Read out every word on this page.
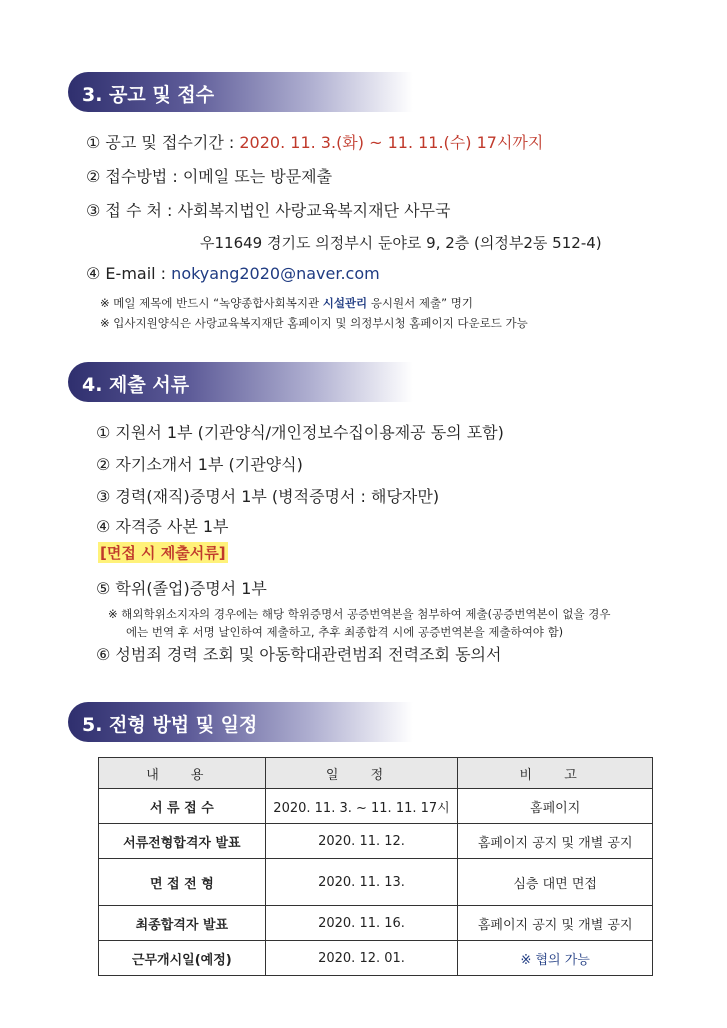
3. 공고 및 접수
① 공고 및 접수기간 : 2020. 11. 3.(화) ~ 11. 11.(수) 17시까지
② 접수방법 : 이메일 또는 방문제출
③ 접 수 처 : 사회복지법인 사랑교육복지재단 사무국
우11649 경기도 의정부시 둔야로 9, 2층 (의정부2동 512-4)
④ E-mail : nokyang2020@naver.com
※ 메일 제목에 반드시 “녹양종합사회복지관 시설관리 응시원서 제출” 명기
※ 입사지원양식은 사랑교육복지재단 홈페이지 및 의정부시청 홈페이지 다운로드 가능
4. 제출 서류
① 지원서 1부 (기관양식/개인정보수집이용제공 동의 포함)
② 자기소개서 1부 (기관양식)
③ 경력(재직)증명서 1부 (병적증명서 : 해당자만)
④ 자격증 사본 1부
[면접 시 제출서류]
⑤ 학위(졸업)증명서 1부
※ 해외학위소지자의 경우에는 해당 학위증명서 공증번역본을 첨부하여 제출(공증번역본이 없을 경우
에는 번역 후 서명 날인하여 제출하고, 추후 최종합격 시에 공증번역본을 제출하여야 함)
⑥ 성범죄 경력 조회 및 아동학대관련범죄 전력조회 동의서
5. 전형 방법 및 일정
내 용	일 정	비 고
서 류 접 수	2020. 11. 3. ~ 11. 11. 17시	홈페이지
서류전형합격자 발표	2020. 11. 12.	홈페이지 공지 및 개별 공지
면 접 전 형	2020. 11. 13.	심층 대면 면접
최종합격자 발표	2020. 11. 16.	홈페이지 공지 및 개별 공지
근무개시일(예정)	2020. 12. 01.	※ 협의 가능
